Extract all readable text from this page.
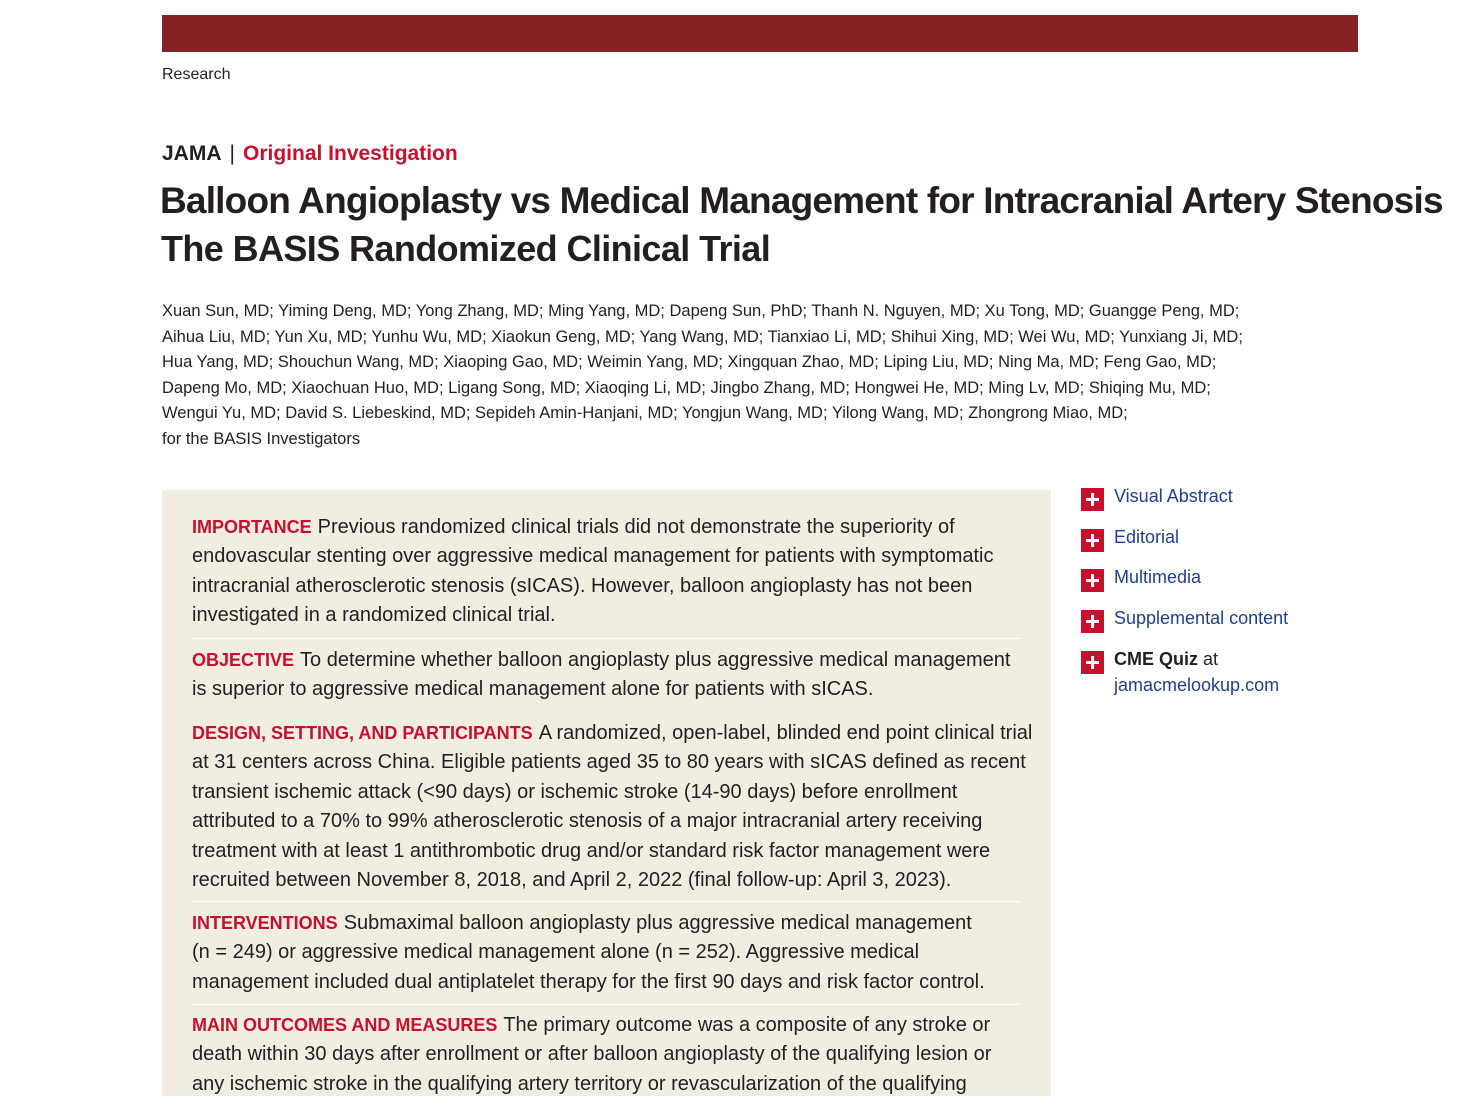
Research
JAMA | Original Investigation
Balloon Angioplasty vs Medical Management for Intracranial Artery Stenosis
The BASIS Randomized Clinical Trial
Xuan Sun, MD; Yiming Deng, MD; Yong Zhang, MD; Ming Yang, MD; Dapeng Sun, PhD; Thanh N. Nguyen, MD; Xu Tong, MD; Guangge Peng, MD;
Aihua Liu, MD; Yun Xu, MD; Yunhu Wu, MD; Xiaokun Geng, MD; Yang Wang, MD; Tianxiao Li, MD; Shihui Xing, MD; Wei Wu, MD; Yunxiang Ji, MD;
Hua Yang, MD; Shouchun Wang, MD; Xiaoping Gao, MD; Weimin Yang, MD; Xingquan Zhao, MD; Liping Liu, MD; Ning Ma, MD; Feng Gao, MD;
Dapeng Mo, MD; Xiaochuan Huo, MD; Ligang Song, MD; Xiaoqing Li, MD; Jingbo Zhang, MD; Hongwei He, MD; Ming Lv, MD; Shiqing Mu, MD;
Wengui Yu, MD; David S. Liebeskind, MD; Sepideh Amin-Hanjani, MD; Yongjun Wang, MD; Yilong Wang, MD; Zhongrong Miao, MD;
for the BASIS Investigators
IMPORTANCE Previous randomized clinical trials did not demonstrate the superiority of
endovascular stenting over aggressive medical management for patients with symptomatic
intracranial atherosclerotic stenosis (sICAS). However, balloon angioplasty has not been
investigated in a randomized clinical trial.
OBJECTIVE To determine whether balloon angioplasty plus aggressive medical management
is superior to aggressive medical management alone for patients with sICAS.
DESIGN, SETTING, AND PARTICIPANTS A randomized, open-label, blinded end point clinical trial
at 31 centers across China. Eligible patients aged 35 to 80 years with sICAS defined as recent
transient ischemic attack (<90 days) or ischemic stroke (14-90 days) before enrollment
attributed to a 70% to 99% atherosclerotic stenosis of a major intracranial artery receiving
treatment with at least 1 antithrombotic drug and/or standard risk factor management were
recruited between November 8, 2018, and April 2, 2022 (final follow-up: April 3, 2023).
INTERVENTIONS Submaximal balloon angioplasty plus aggressive medical management
(n = 249) or aggressive medical management alone (n = 252). Aggressive medical
management included dual antiplatelet therapy for the first 90 days and risk factor control.
MAIN OUTCOMES AND MEASURES The primary outcome was a composite of any stroke or
death within 30 days after enrollment or after balloon angioplasty of the qualifying lesion or
any ischemic stroke in the qualifying artery territory or revascularization of the qualifying
Visual Abstract
Editorial
Multimedia
Supplemental content
CME Quiz at
jamacmelookup.com
